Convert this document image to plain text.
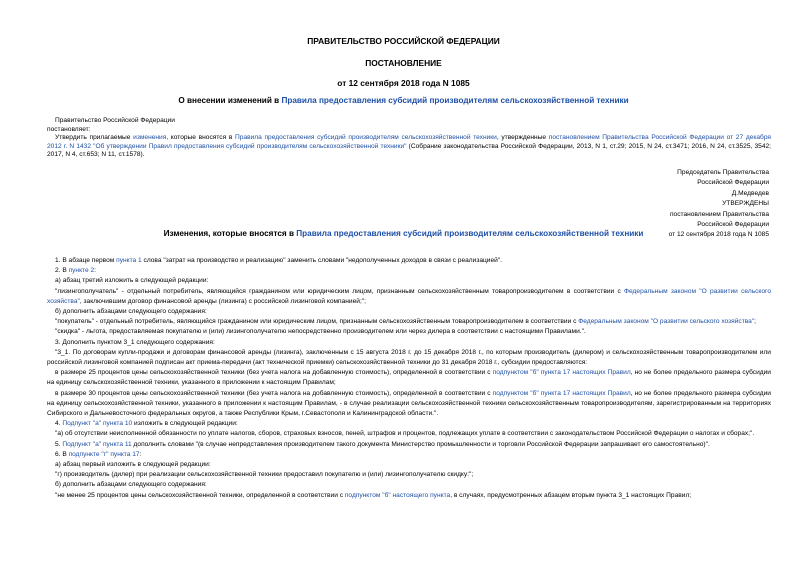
ПРАВИТЕЛЬСТВО РОССИЙСКОЙ ФЕДЕРАЦИИ
ПОСТАНОВЛЕНИЕ
от 12 сентября 2018 года N 1085
О внесении изменений в Правила предоставления субсидий производителям сельскохозяйственной техники
Правительство Российской Федерации
постановляет:

Утвердить прилагаемые изменения, которые вносятся в Правила предоставления субсидий производителям сельскохозяйственной техники, утвержденные постановлением Правительства Российской Федерации от 27 декабря 2012 г. N 1432 "Об утверждении Правил предоставления субсидий производителям сельскохозяйственной техники" (Собрание законодательства Российской Федерации, 2013, N 1, ст.29; 2015, N 24, ст.3471; 2016, N 24, ст.3525, 3542; 2017, N 4, ст.653; N 11, ст.1578).

Председатель Правительства
Российской Федерации
Д.Медведев
УТВЕРЖДЕНЫ
постановлением Правительства
Российской Федерации
от 12 сентября 2018 года N 1085
Изменения, которые вносятся в Правила предоставления субсидий производителям сельскохозяйственной техники

1. В абзаце первом пункта 1 слова "затрат на производство и реализацию" заменить словами "недополученных доходов в связи с реализацией".

2. В пункте 2:

а) абзац третий изложить в следующей редакции:

"лизингополучатель" - отдельный потребитель, являющийся гражданином или юридическим лицом, признанным сельскохозяйственным товаропроизводителем в соответствии с Федеральным законом "О развитии сельского хозяйства", заключившим договор финансовой аренды (лизинга) с российской лизинговой компанией;";

б) дополнить абзацами следующего содержания:

"покупатель" - отдельный потребитель, являющийся гражданином или юридическим лицом, признанным сельскохозяйственным товаропроизводителем в соответствии с Федеральным законом "О развитии сельского хозяйства";

"скидка" - льгота, предоставляемая покупателю и (или) лизингополучателю непосредственно производителем или через дилера в соответствии с настоящими Правилами.".

3. Дополнить пунктом 3_1 следующего содержания:

"3_1. По договорам купли-продажи и договорам финансовой аренды (лизинга), заключенным с 15 августа 2018 г. до 15 декабря 2018 г., по которым производитель (дилером) и сельскохозяйственным товаропроизводителем или российской лизинговой компанией подписан акт приема-передачи (акт технической приемки) сельскохозяйственной техники до 31 декабря 2018 г., субсидии предоставляются:

в размере 25 процентов цены сельскохозяйственной техники (без учета налога на добавленную стоимость), определенной в соответствии с подпунктом "б" пункта 17 настоящих Правил, но не более предельного размера субсидии на единицу сельскохозяйственной техники, указанного в приложении к настоящим Правилам;

в размере 30 процентов цены сельскохозяйственной техники (без учета налога на добавленную стоимость), определенной в соответствии с подпунктом "б" пункта 17 настоящих Правил, но не более предельного размера субсидии на единицу сельскохозяйственной техники, указанного в приложении к настоящим Правилам, - в случае реализации сельскохозяйственной техники сельскохозяйственным товаропроизводителям, зарегистрированным на территориях Сибирского и Дальневосточного федеральных округов, а также Республики Крым, г.Севастополя и Калининградской области.".

4. Подпункт "а" пункта 10 изложить в следующей редакции:

"а) об отсутствии неисполненной обязанности по уплате налогов, сборов, страховых взносов, пеней, штрафов и процентов, подлежащих уплате в соответствии с законодательством Российской Федерации о налогах и сборах;".

5. Подпункт "а" пункта 11 дополнить словами "(в случае непредставления производителем такого документа Министерство промышленности и торговли Российской Федерации запрашивает его самостоятельно)".

6. В подпункте "г" пункта 17:

а) абзац первый изложить в следующей редакции:

"г) производитель (дилер) при реализации сельскохозяйственной техники предоставил покупателю и (или) лизингополучателю скидку:";

б) дополнить абзацами следующего содержания:

"не менее 25 процентов цены сельскохозяйственной техники, определенной в соответствии с подпунктом "б" настоящего пункта, в случаях, предусмотренных абзацем вторым пункта 3_1 настоящих Правил;
